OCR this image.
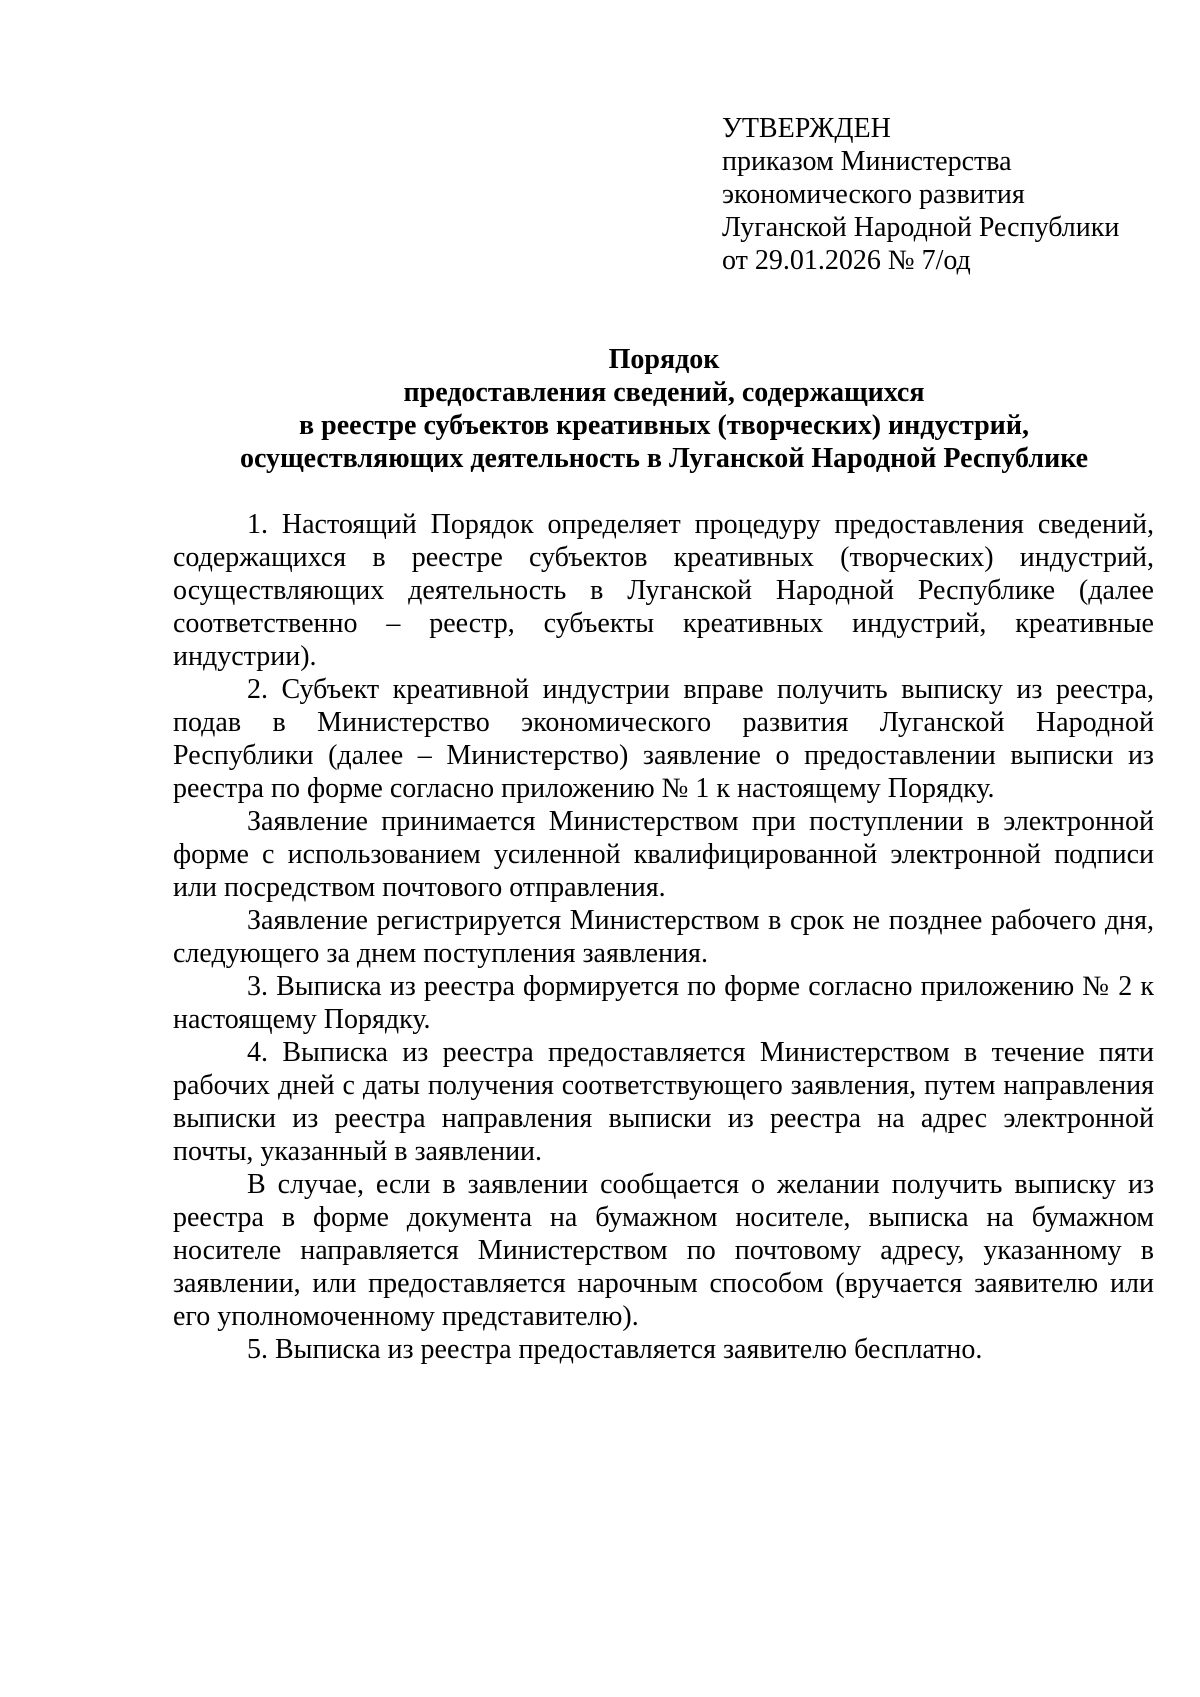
УТВЕРЖДЕН
приказом Министерства
экономического развития
Луганской Народной Республики
от 29.01.2026 № 7/од
Порядок
предоставления сведений, содержащихся
в реестре субъектов креативных (творческих) индустрий,
осуществляющих деятельность в Луганской Народной Республике

1. Настоящий Порядок определяет процедуру предоставления сведений, содержащихся в реестре субъектов креативных (творческих) индустрий, осуществляющих деятельность в Луганской Народной Республике (далее соответственно – реестр, субъекты креативных индустрий, креативные индустрии).

2. Субъект креативной индустрии вправе получить выписку из реестра, подав в Министерство экономического развития Луганской Народной Республики (далее – Министерство) заявление о предоставлении выписки из реестра по форме согласно приложению № 1 к настоящему Порядку.

Заявление принимается Министерством при поступлении в электронной форме с использованием усиленной квалифицированной электронной подписи или посредством почтового отправления.

Заявление регистрируется Министерством в срок не позднее рабочего дня, следующего за днем поступления заявления.

3. Выписка из реестра формируется по форме согласно приложению № 2 к настоящему Порядку.

4. Выписка из реестра предоставляется Министерством в течение пяти рабочих дней с даты получения соответствующего заявления, путем направления выписки из реестра направления выписки из реестра на адрес электронной почты, указанный в заявлении.

В случае, если в заявлении сообщается о желании получить выписку из реестра в форме документа на бумажном носителе, выписка на бумажном носителе направляется Министерством по почтовому адресу, указанному в заявлении, или предоставляется нарочным способом (вручается заявителю или его уполномоченному представителю).

5. Выписка из реестра предоставляется заявителю бесплатно.
